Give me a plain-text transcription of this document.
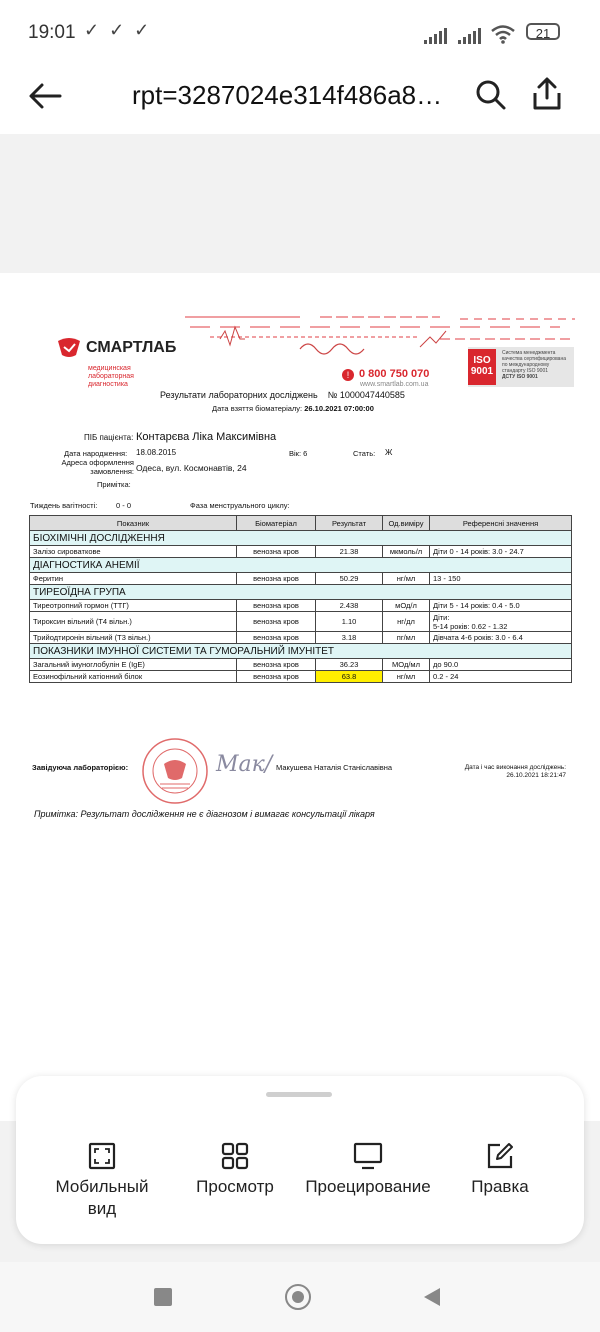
19:01 ✓✓✓	21
rpt=3287024e314f486a8…
СМАРТЛАБ
медицинская
лабораторная
диагностика
! 0 800 750 070
www.smartlab.com.ua
ISO
9001
Система менеджмента
качества сертифицирована
по международному
стандарту ISO 9001
ДСТУ ISO 9001
Результати лабораторних досліджень № 1000047440585
Дата взяття біоматеріалу: 26.10.2021 07:00:00
ПІБ пацієнта: Контарєва Ліка Максимівна
Дата народження: 18.08.2015	Вік: 6	Стать: Ж
Адреса оформлення
замовлення: Одеса, вул. Космонавтів, 24
Примітка:
Тиждень вагітності: 0 - 0	Фаза менструального циклу:
Показник	Біоматеріал	Результат	Од.виміру	Референсні значення
БІОХІМІЧНІ ДОСЛІДЖЕННЯ				
Залізо сироваткове	венозна кров	21.38	мкмоль/л	Діти 0 - 14 років: 3.0 - 24.7
ДІАГНОСТИКА АНЕМІЇ				
Феритин	венозна кров	50.29	нг/мл	13 - 150
ТИРЕОЇДНА ГРУПА				
Тиреотропний гормон (ТТГ)	венозна кров	2.438	мОд/л	Діти 5 - 14 років: 0.4 - 5.0
Тироксин вільний (Т4 вільн.)	венозна кров	1.10	нг/дл	Діти:
5-14 років: 0.62 - 1.32
Трийодтиронін вільний (Т3 вільн.)	венозна кров	3.18	пг/мл	Дівчата 4-6 років: 3.0 - 6.4
ПОКАЗНИКИ ІМУННОЇ СИСТЕМИ ТА ГУМОРАЛЬНИЙ ІМУНІТЕТ				
Загальний імуноглобулін Е (IgE)	венозна кров	36.23	МОд/мл	до 90.0
Еозинофільний катіонний білок	венозна кров	63.8	нг/мл	0.2 - 24
Завідуюча лабораторією:	Мак/ Макушева Наталія Станіславівна	Дата і час виконання досліджень:
26.10.2021 18:21:47
Примітка: Результат дослідження не є діагнозом і вимагає консультації лікаря
Мобильный вид
Просмотр	Проецирование	Правка
